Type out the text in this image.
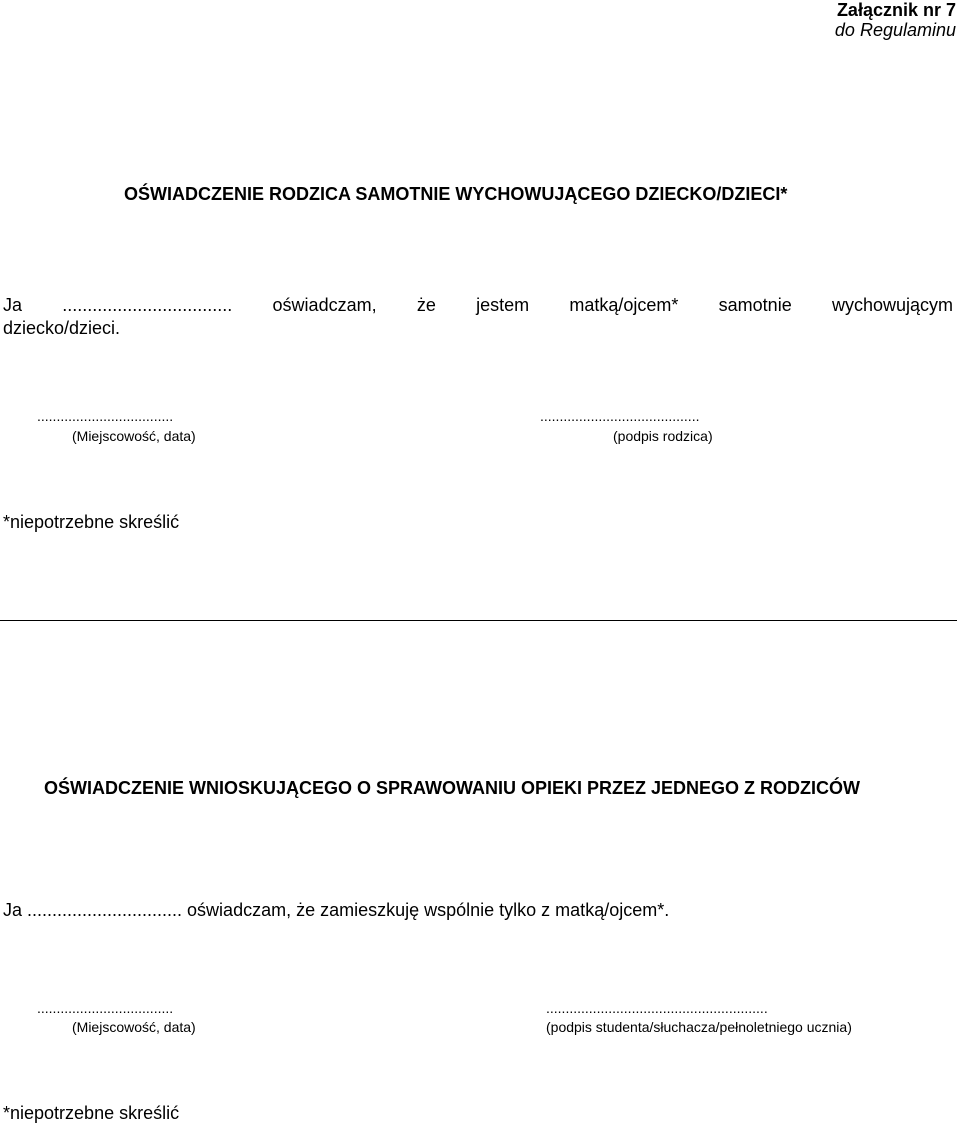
Załącznik nr 7
do Regulaminu
OŚWIADCZENIE RODZICA SAMOTNIE WYCHOWUJĄCEGO DZIECKO/DZIECI*
Ja .................................. oświadczam, że jestem matką/ojcem* samotnie wychowującym
dziecko/dzieci.
...................................
(Miejscowość, data)
.........................................
(podpis rodzica)
*niepotrzebne skreślić
OŚWIADCZENIE WNIOSKUJĄCEGO O SPRAWOWANIU OPIEKI PRZEZ JEDNEGO Z RODZICÓW
Ja ............................... oświadczam, że zamieszkuję wspólnie tylko z matką/ojcem*.
...................................
(Miejscowość, data)
.........................................................
(podpis studenta/słuchacza/pełnoletniego ucznia)
*niepotrzebne skreślić
